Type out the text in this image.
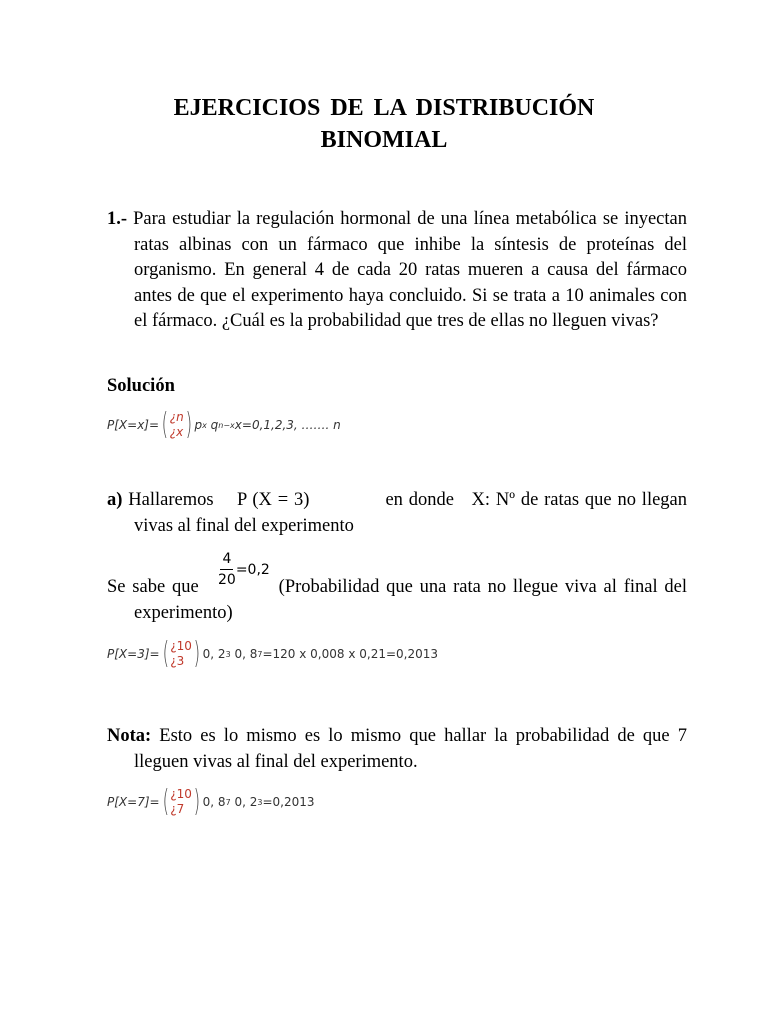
EJERCICIOS DE LA DISTRIBUCIÓN
BINOMIAL
1.- Para estudiar la regulación hormonal de una línea metabólica se inyectan ratas albinas con un fármaco que inhibe la síntesis de proteínas del organismo. En general 4 de cada 20 ratas mueren a causa del fármaco antes de que el experimento haya concluido. Si se trata a 10 animales con el fármaco. ¿Cuál es la probabilidad que tres de ellas no lleguen vivas?
Solución
P[X=x]= ( ¿n
¿x ) p x
q n−x x=0,1,2,3, ……. n
a) Hallaremos    P (X = 3)             en donde   X: Nº de ratas que no llegan vivas al final del experimento
$\frac{4}{20} =0,2$
Se sabe que	(Probabilidad que una rata no llegue viva al final del experimento)
P[X=3]= ( ¿10
¿3 ) 0, 2 3
0, 8 7 =120 x 0,008 x 0,21=0,2013
Nota: Esto es lo mismo es lo mismo que hallar la probabilidad de que 7 lleguen vivas al final del experimento.
P[X=7]= ( ¿10
¿7 ) 0, 8 7
0, 2 3 =0,2013
